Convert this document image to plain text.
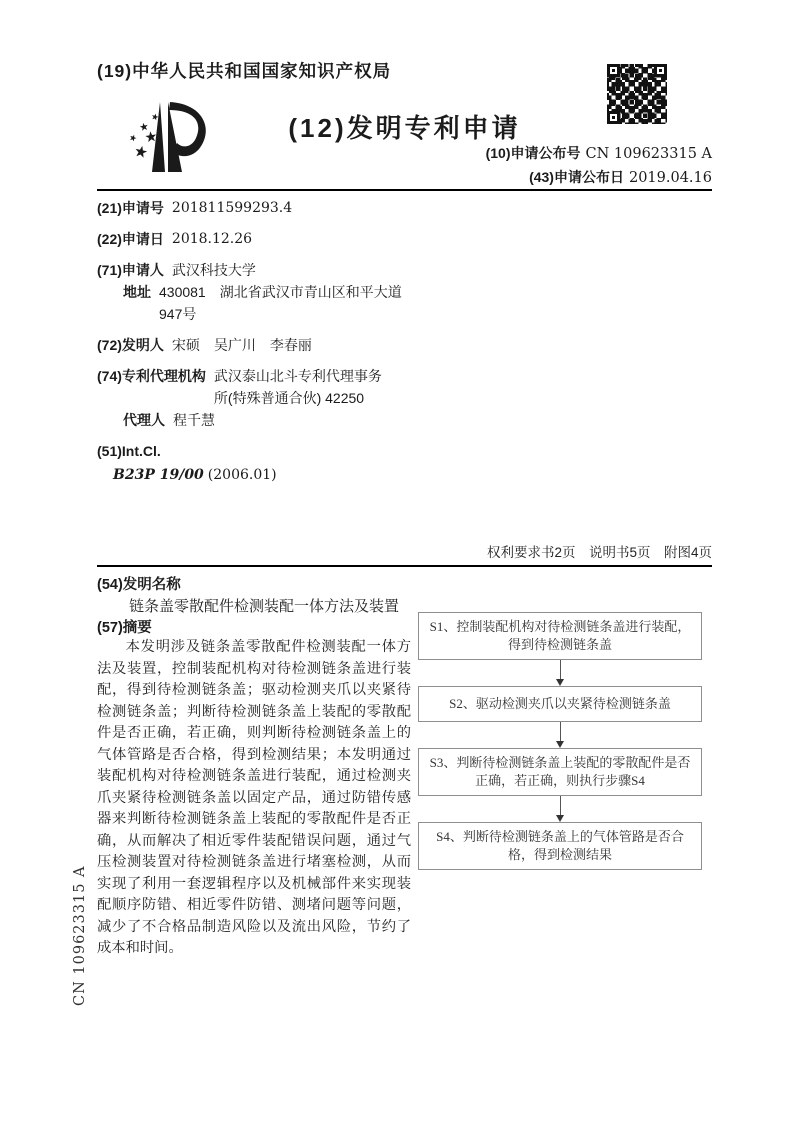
(19)中华人民共和国国家知识产权局
(12)发明专利申请
(10)申请公布号 CN 109623315 A
(43)申请公布日 2019.04.16
(21)申请号 201811599293.4
(22)申请日 2018.12.26
(71)申请人 武汉科技大学
地址 430081　湖北省武汉市青山区和平大道947号
(72)发明人 宋硕　吴广川　李春丽
(74)专利代理机构 武汉泰山北斗专利代理事务所(特殊普通合伙) 42250
代理人 程千慧
(51)Int.Cl.
B23P 19/00 (2006.01)
权利要求书2页　说明书5页　附图4页
(54)发明名称
链条盖零散配件检测装配一体方法及装置
(57)摘要
本发明涉及链条盖零散配件检测装配一体方法及装置，控制装配机构对待检测链条盖进行装配，得到待检测链条盖；驱动检测夹爪以夹紧待检测链条盖；判断待检测链条盖上装配的零散配件是否正确，若正确，则判断待检测链条盖上的气体管路是否合格，得到检测结果；本发明通过装配机构对待检测链条盖进行装配，通过检测夹爪夹紧待检测链条盖以固定产品，通过防错传感器来判断待检测链条盖上装配的零散配件是否正确，从而解决了相近零件装配错误问题，通过气压检测装置对待检测链条盖进行堵塞检测，从而实现了利用一套逻辑程序以及机械部件来实现装配顺序防错、相近零件防错、测堵问题等问题，减少了不合格品制造风险以及流出风险，节约了成本和时间。
S1、控制装配机构对待检测链条盖进行装配，得到待检测链条盖
S2、驱动检测夹爪以夹紧待检测链条盖
S3、判断待检测链条盖上装配的零散配件是否正确，若正确，则执行步骤S4
S4、判断待检测链条盖上的气体管路是否合格，得到检测结果
CN 109623315 A
